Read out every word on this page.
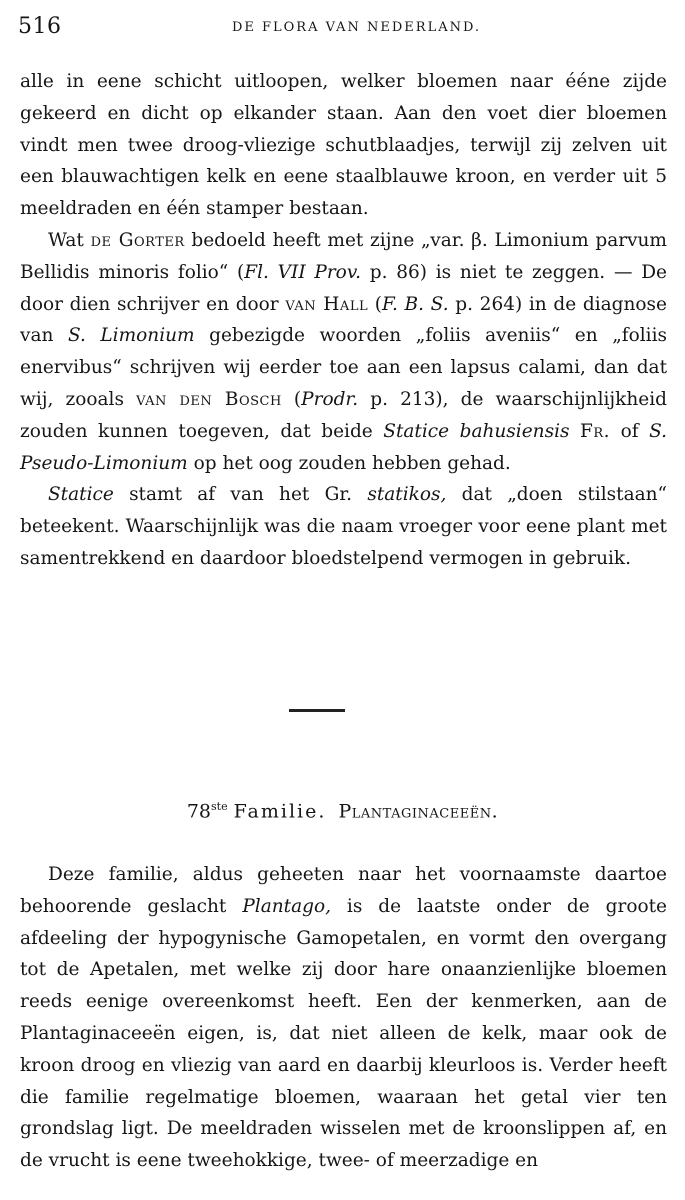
516	DE FLORA VAN NEDERLAND.

alle in eene schicht uitloopen, welker bloemen naar ééne zijde gekeerd en dicht op elkander staan. Aan den voet dier bloemen vindt men twee droog-vliezige schutblaadjes, terwijl zij zelven uit een blauwachtigen kelk en eene staalblauwe kroon, en verder uit 5 meeldraden en één stamper bestaan.

Wat de Gorter bedoeld heeft met zijne „var. β. Limonium parvum Bellidis minoris folio“ (Fl. VII Prov. p. 86) is niet te zeggen. — De door dien schrijver en door van Hall (F. B. S. p. 264) in de diagnose van S. Limonium gebezigde woorden „foliis aveniis“ en „foliis enervibus“ schrijven wij eerder toe aan een lapsus calami, dan dat wij, zooals van den Bosch (Prodr. p. 213), de waarschijnlijkheid zouden kunnen toegeven, dat beide Statice bahusiensis Fr. of S. Pseudo-Limonium op het oog zouden hebben gehad.

Statice stamt af van het Gr. statikos, dat „doen stilstaan“ beteekent. Waarschijnlijk was die naam vroeger voor eene plant met samentrekkend en daardoor bloedstelpend vermogen in gebruik.

78ste Familie. Plantaginaceeën.

Deze familie, aldus geheeten naar het voornaamste daartoe behoorende geslacht Plantago, is de laatste onder de groote afdeeling der hypogynische Gamopetalen, en vormt den overgang tot de Apetalen, met welke zij door hare onaanzienlijke bloemen reeds eenige overeenkomst heeft. Een der kenmerken, aan de Plantaginaceeën eigen, is, dat niet alleen de kelk, maar ook de kroon droog en vliezig van aard en daarbij kleurloos is. Verder heeft die familie regelmatige bloemen, waaraan het getal vier ten grondslag ligt. De meeldraden wisselen met de kroonslippen af, en de vrucht is eene tweehokkige, twee- of meerzadige en
